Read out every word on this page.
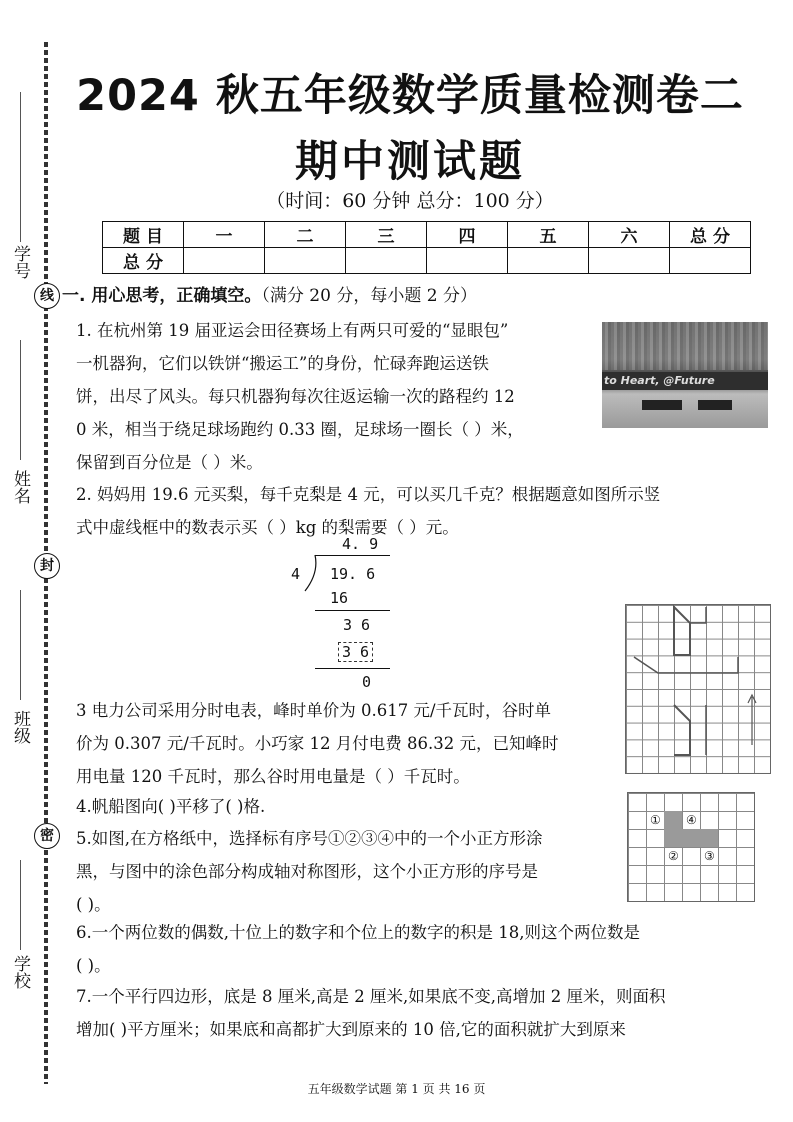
学号
线
姓名
封
班级
密
学校
2024 秋五年级数学质量检测卷二
期中测试题
（时间：60 分钟 总分：100 分）
题 目	一	二	三	四	五	六	总 分
总 分							
一. 用心思考，正确填空。（满分 20 分，每小题 2 分）
1. 在杭州第 19 届亚运会田径赛场上有两只可爱的“显眼包”
一机器狗，它们以铁饼“搬运工”的身份，忙碌奔跑运送铁
饼，出尽了风头。每只机器狗每次往返运输一次的路程约 12
0 米，相当于绕足球场跑约 0.33 圈，足球场一圈长（ ）米，
保留到百分位是（ ）米。
to Heart, @Future
2. 妈妈用 19.6 元买梨，每千克梨是 4 元，可以买几千克？根据题意如图所示竖
式中虚线框中的数表示买（ ）kg 的梨需要（ ）元。
4. 9
4 19. 6
16
3 6
3 6
0
3 电力公司采用分时电表，峰时单价为 0.617 元/千瓦时，谷时单
价为 0.307 元/千瓦时。小巧家 12 月付电费 86.32 元，已知峰时
用电量 120 千瓦时，那么谷时用电量是（ ）千瓦时。
4.帆船图向( )平移了( )格.
① ④
② ③
5.如图,在方格纸中，选择标有序号①②③④中的一个小正方形涂
黑，与图中的涂色部分构成轴对称图形，这个小正方形的序号是
( )。
6.一个两位数的偶数,十位上的数字和个位上的数字的积是 18,则这个两位数是
( )。
7.一个平行四边形，底是 8 厘米,高是 2 厘米,如果底不变,高增加 2 厘米，则面积
增加( )平方厘米；如果底和高都扩大到原来的 10 倍,它的面积就扩大到原来
五年级数学试题 第 1 页 共 16 页
